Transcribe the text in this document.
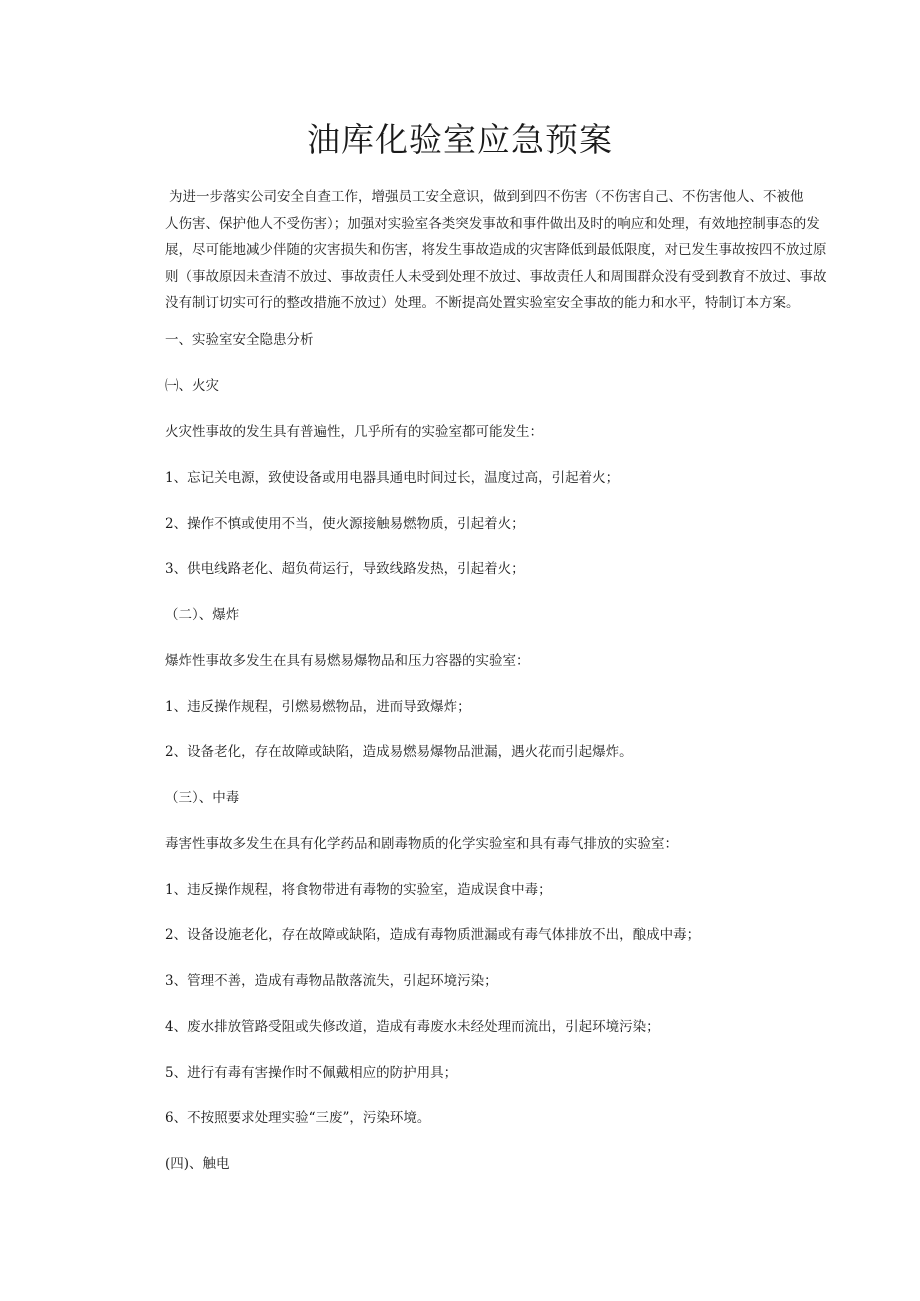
油库化验室应急预案
为进一步落实公司安全自查工作，增强员工安全意识，做到到四不伤害（不伤害自己、不伤害他人、不被他
人伤害、保护他人不受伤害）；加强对实验室各类突发事故和事件做出及时的响应和处理，有效地控制事态的发
展，尽可能地减少伴随的灾害损失和伤害，将发生事故造成的灾害降低到最低限度，对已发生事故按四不放过原
则（事故原因未查清不放过、事故责任人未受到处理不放过、事故责任人和周围群众没有受到教育不放过、事故
没有制订切实可行的整改措施不放过）处理。不断提高处置实验室安全事故的能力和水平，特制订本方案。

一、实验室安全隐患分析

㈠、火灾

火灾性事故的发生具有普遍性，几乎所有的实验室都可能发生：

1、忘记关电源，致使设备或用电器具通电时间过长，温度过高，引起着火；

2、操作不慎或使用不当，使火源接触易燃物质，引起着火；

3、供电线路老化、超负荷运行，导致线路发热，引起着火；

（二）、爆炸

爆炸性事故多发生在具有易燃易爆物品和压力容器的实验室：

1、违反操作规程，引燃易燃物品，进而导致爆炸；

2、设备老化，存在故障或缺陷，造成易燃易爆物品泄漏，遇火花而引起爆炸。

（三）、中毒

毒害性事故多发生在具有化学药品和剧毒物质的化学实验室和具有毒气排放的实验室：

1、违反操作规程，将食物带进有毒物的实验室，造成误食中毒；

2、设备设施老化，存在故障或缺陷，造成有毒物质泄漏或有毒气体排放不出，酿成中毒；

3、管理不善，造成有毒物品散落流失，引起环境污染；

4、废水排放管路受阻或失修改道，造成有毒废水未经处理而流出，引起环境污染；

5、进行有毒有害操作时不佩戴相应的防护用具；

6、不按照要求处理实验“三废”，污染环境。

(四)、触电
